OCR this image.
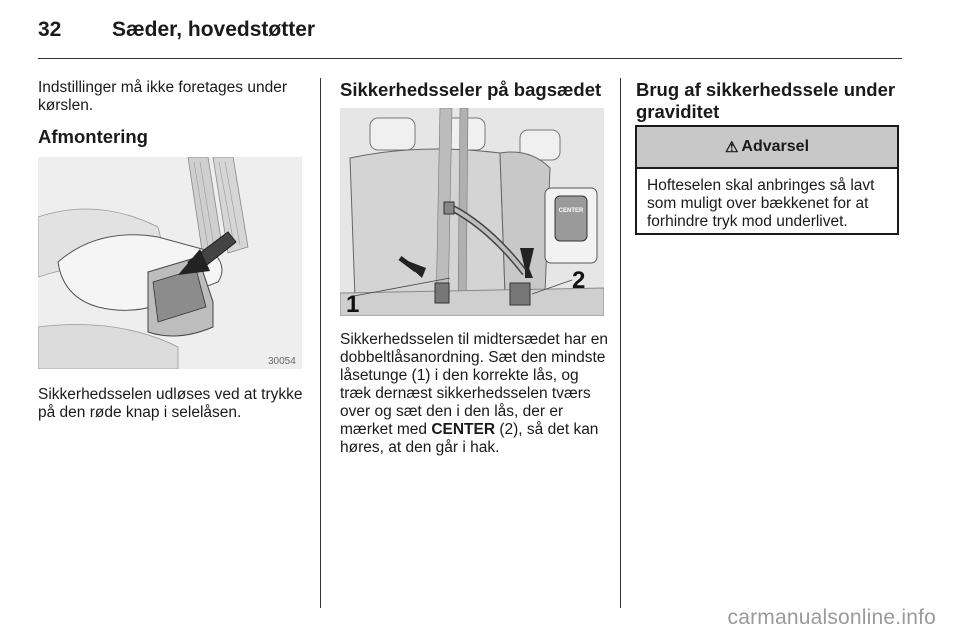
32 Sæder, hovedstøtter
Indstillinger må ikke foretages under kørslen.
Afmontering
30054
Sikkerhedsselen udløses ved at trykke på den røde knap i selelåsen.
Sikkerhedsseler på bagsædet
CENTER
1
2
Sikkerhedsselen til midtersædet har en dobbeltlåsanordning. Sæt den mindste låsetunge (1) i den korrekte lås, og træk dernæst sikkerhedsselen tværs over og sæt den i den lås, der er mærket med CENTER (2), så det kan høres, at den går i hak.
Brug af sikkerhedssele under graviditet
⚠ Advarsel
Hofteselen skal anbringes så lavt som muligt over bækkenet for at forhindre tryk mod underlivet.
carmanualsonline.info
